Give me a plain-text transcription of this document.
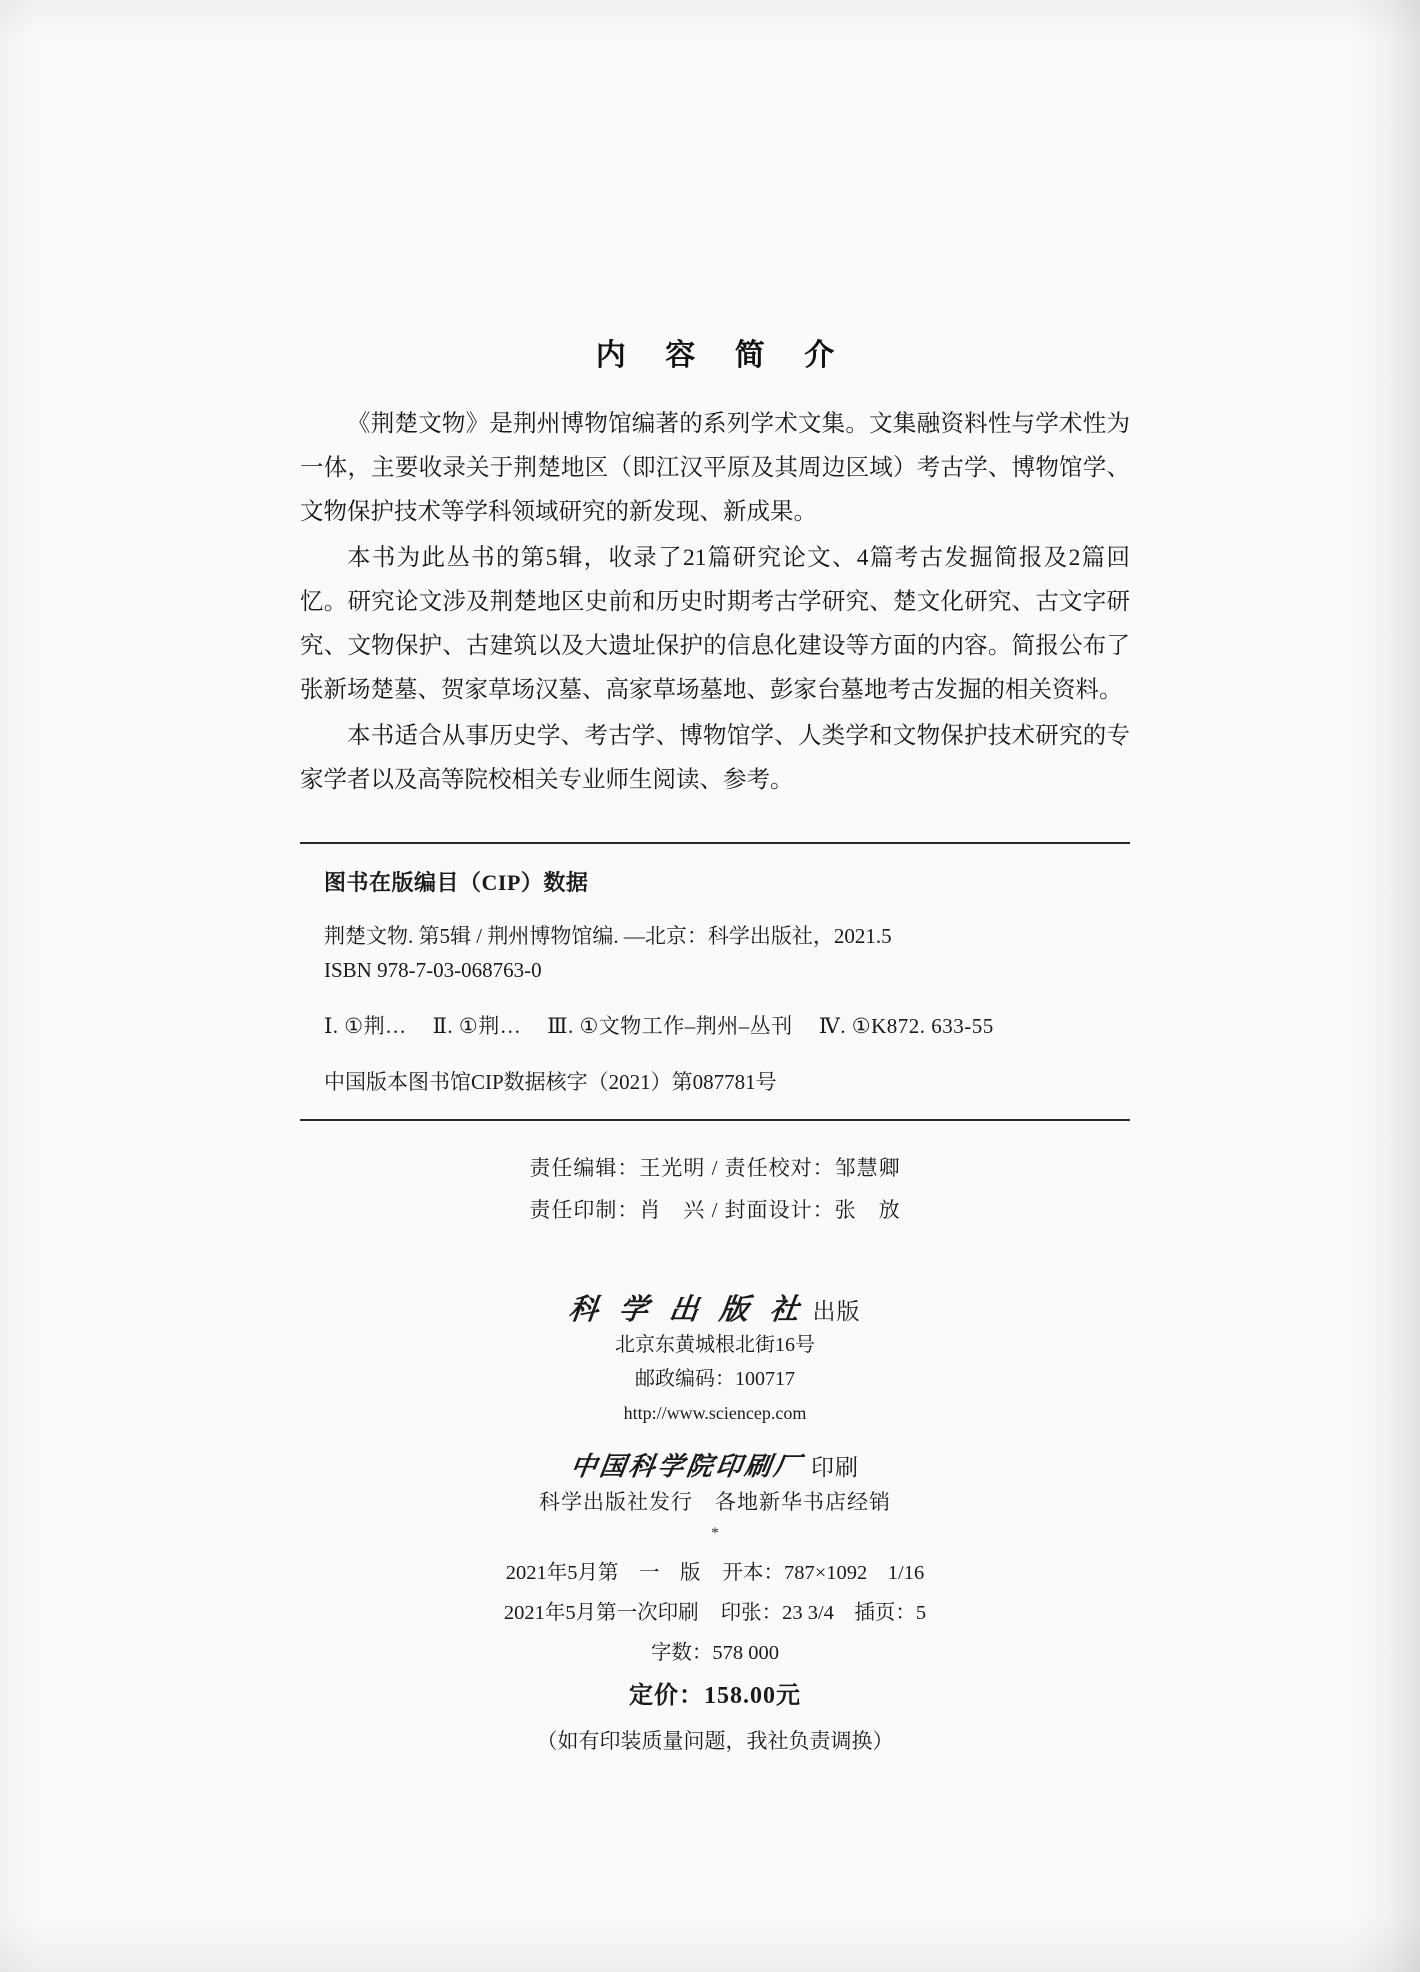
内 容 简 介

《荆楚文物》是荆州博物馆编著的系列学术文集。文集融资料性与学术性为一体，主要收录关于荆楚地区（即江汉平原及其周边区域）考古学、博物馆学、文物保护技术等学科领域研究的新发现、新成果。

本书为此丛书的第5辑，收录了21篇研究论文、4篇考古发掘简报及2篇回忆。研究论文涉及荆楚地区史前和历史时期考古学研究、楚文化研究、古文字研究、文物保护、古建筑以及大遗址保护的信息化建设等方面的内容。简报公布了张新场楚墓、贺家草场汉墓、高家草场墓地、彭家台墓地考古发掘的相关资料。

本书适合从事历史学、考古学、博物馆学、人类学和文物保护技术研究的专家学者以及高等院校相关专业师生阅读、参考。

图书在版编目（CIP）数据
荆楚文物. 第5辑 / 荆州博物馆编. —北京：科学出版社，2021.5
ISBN 978-7-03-068763-0
Ⅰ. ①荆… Ⅱ. ①荆… Ⅲ. ①文物工作–荆州–丛刊 Ⅳ. ①K872. 633-55
中国版本图书馆CIP数据核字（2021）第087781号
责任编辑：王光明 / 责任校对：邹慧卿
责任印制：肖　兴 / 封面设计：张　放
科 学 出 版 社 出版
北京东黄城根北街16号
邮政编码：100717
http://www.sciencep.com
中国科学院印刷厂 印刷
科学出版社发行　各地新华书店经销
*
2021年5月第　一　版 开本：787×1092　1/16
2021年5月第一次印刷 印张：23 3/4　插页：5
字数：578 000
定价：158.00元
（如有印装质量问题，我社负责调换）
